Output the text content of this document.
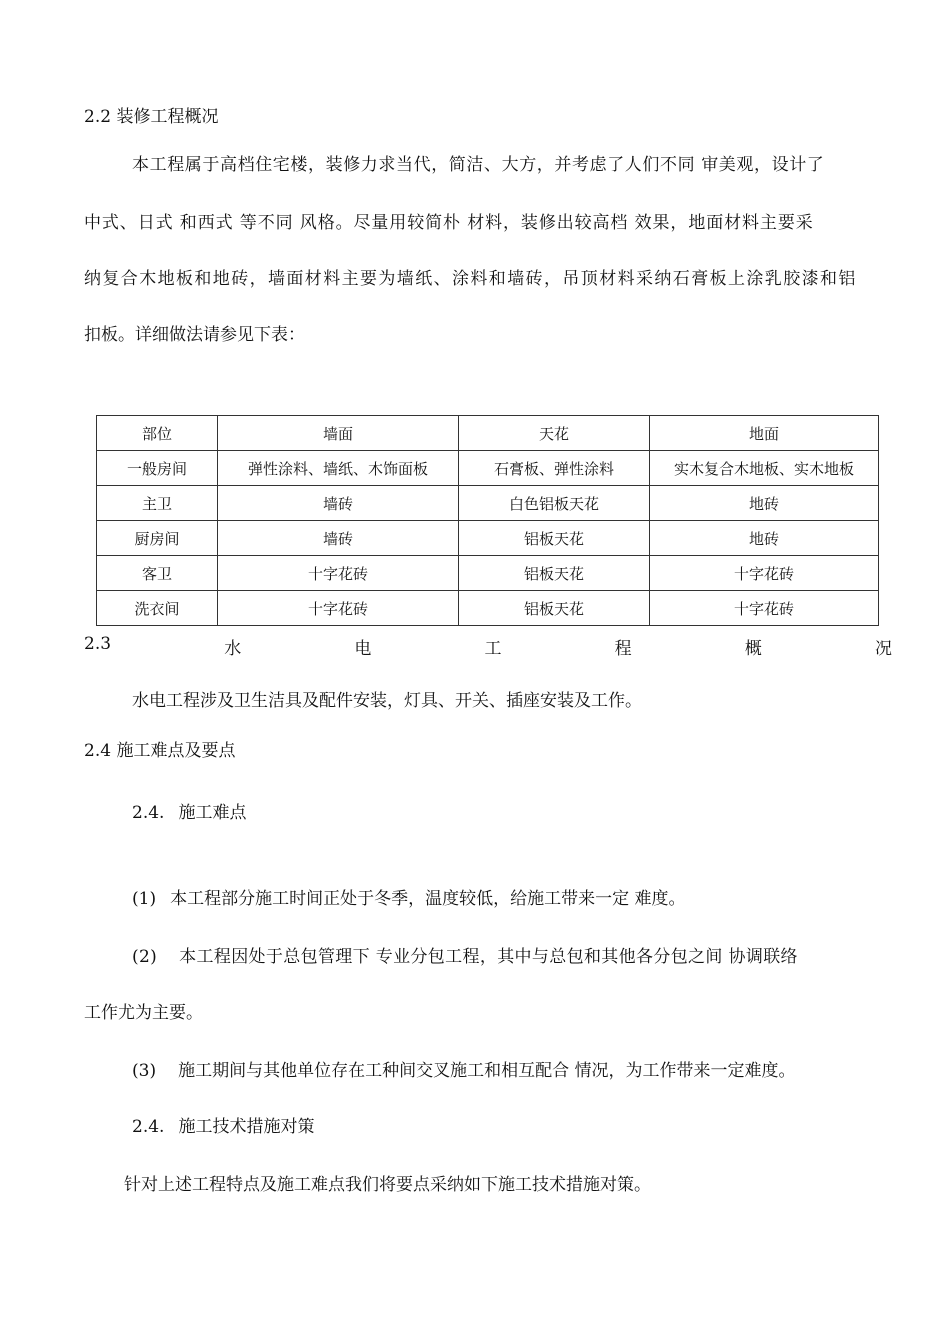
2.2 装修工程概况
本工程属于高档住宅楼，装修力求当代，简洁、大方，并考虑了人们不同 审美观，设计了
中式、日式 和西式 等不同 风格。尽量用较简朴 材料，装修出较高档 效果，地面材料主要采
纳复合木地板和地砖，墙面材料主要为墙纸、涂料和墙砖，吊顶材料采纳石膏板上涂乳胶漆和铝
扣板。详细做法请参见下表：
部位	墙面	天花	地面
一般房间	弹性涂料、墙纸、木饰面板	石膏板、弹性涂料	实木复合木地板、实木地板
主卫	墙砖	白色铝板天花	地砖
厨房间	墙砖	铝板天花	地砖
客卫	十字花砖	铝板天花	十字花砖
洗衣间	十字花砖	铝板天花	十字花砖
2.3	水	电	工	程	概	况
水电工程涉及卫生洁具及配件安装，灯具、开关、插座安装及工作。
2.4 施工难点及要点
2.4. 施工难点
(1) 本工程部分施工时间正处于冬季，温度较低，给施工带来一定 难度。
(2) 本工程因处于总包管理下 专业分包工程，其中与总包和其他各分包之间 协调联络
工作尤为主要。
(3) 施工期间与其他单位存在工种间交叉施工和相互配合 情况，为工作带来一定难度。
2.4. 施工技术措施对策
针对上述工程特点及施工难点我们将要点采纳如下施工技术措施对策。
